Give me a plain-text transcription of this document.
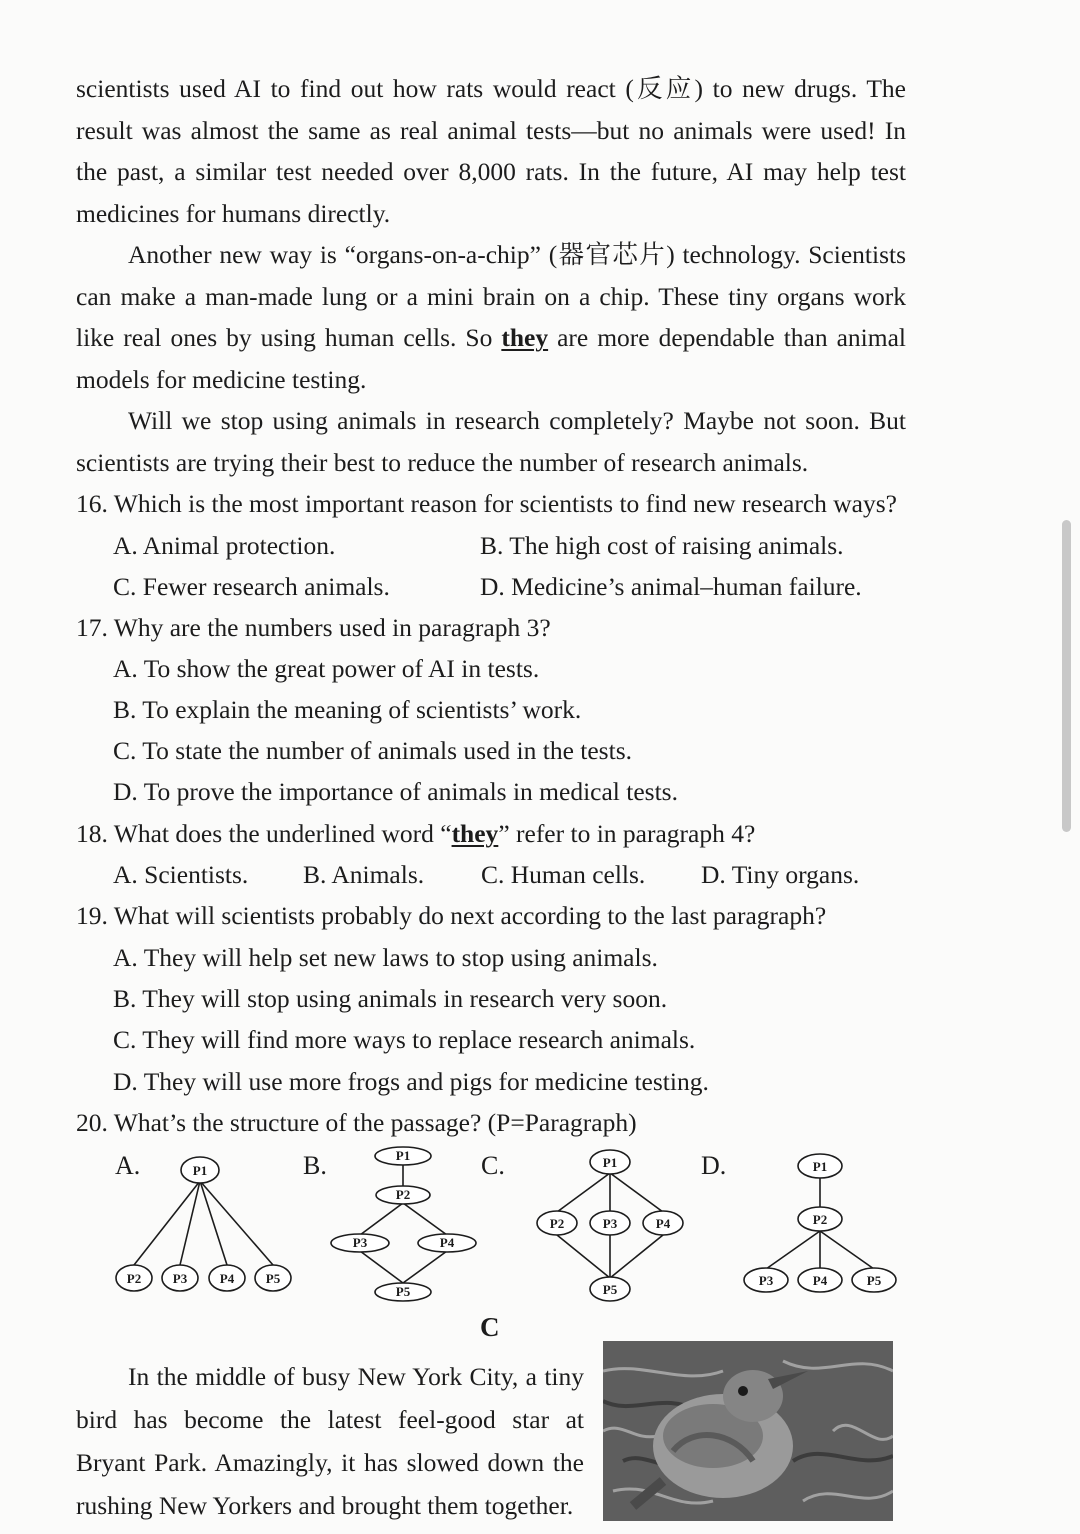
scientists used AI to find out how rats would react (反应) to new drugs. The result was almost the same as real animal tests—but no animals were used! In the past, a similar test needed over 8,000 rats. In the future, AI may help test medicines for humans directly.
Another new way is “organs-on-a-chip” (器官芯片) technology. Scientists can make a man-made lung or a mini brain on a chip. These tiny organs work like real ones by using human cells. So they are more dependable than animal models for medicine testing.
Will we stop using animals in research completely? Maybe not soon. But scientists are trying their best to reduce the number of research animals.
16. Which is the most important reason for scientists to find new research ways?
A. Animal protection.	B. The high cost of raising animals.
C. Fewer research animals.	D. Medicine’s animal–human failure.
17. Why are the numbers used in paragraph 3?
A. To show the great power of AI in tests.
B. To explain the meaning of scientists’ work.
C. To state the number of animals used in the tests.
D. To prove the importance of animals in medical tests.
18. What does the underlined word “they” refer to in paragraph 4?
A. Scientists. B. Animals. C. Human cells. D. Tiny organs.
19. What will scientists probably do next according to the last paragraph?
A. They will help set new laws to stop using animals.
B. They will stop using animals in research very soon.
C. They will find more ways to replace research animals.
D. They will use more frogs and pigs for medicine testing.
20. What’s the structure of the passage? (P=Paragraph)
A.	B.	C.	D.
P1
P2 P3	P4 P5
P1
P2
P3	P4
P5
P1
P2	P3	P4
P5
P1
P2
P3	P4	P5
C
In the middle of busy New York City, a tiny bird has become the latest feel-good star at Bryant Park. Amazingly, it has slowed down the rushing New Yorkers and brought them together.
